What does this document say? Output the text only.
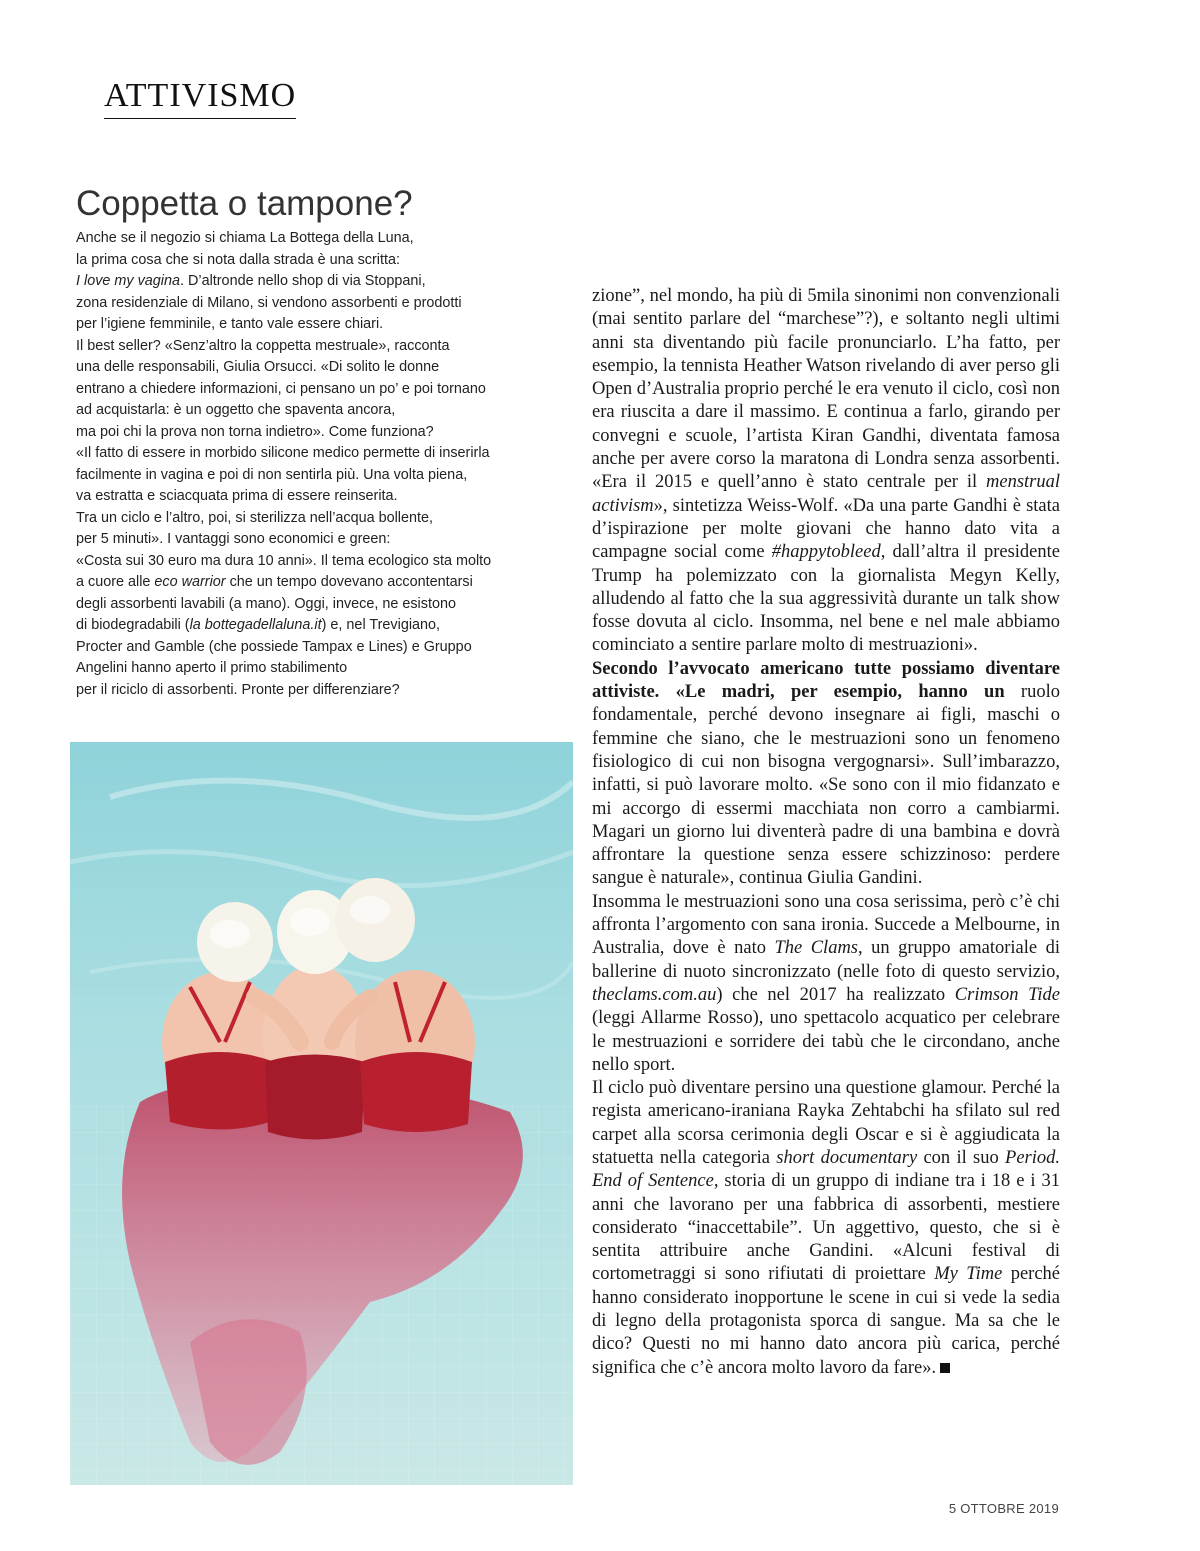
ATTIVISMO
Coppetta o tampone?

Anche se il negozio si chiama La Bottega della Luna,

la prima cosa che si nota dalla strada è una scritta:

I love my vagina. D’altronde nello shop di via Stoppani,

zona residenziale di Milano, si vendono assorbenti e prodotti

per l’igiene femminile, e tanto vale essere chiari.

Il best seller? «Senz’altro la coppetta mestruale», racconta

una delle responsabili, Giulia Orsucci. «Di solito le donne

entrano a chiedere informazioni, ci pensano un po’ e poi tornano

ad acquistarla: è un oggetto che spaventa ancora,

ma poi chi la prova non torna indietro». Come funziona?

«Il fatto di essere in morbido silicone medico permette di inserirla

facilmente in vagina e poi di non sentirla più. Una volta piena,

va estratta e sciacquata prima di essere reinserita.

Tra un ciclo e l’altro, poi, si sterilizza nell’acqua bollente,

per 5 minuti». I vantaggi sono economici e green:

«Costa sui 30 euro ma dura 10 anni». Il tema ecologico sta molto

a cuore alle eco warrior che un tempo dovevano accontentarsi

degli assorbenti lavabili (a mano). Oggi, invece, ne esistono

di biodegradabili (la bottegadellaluna.it) e, nel Trevigiano,

Procter and Gamble (che possiede Tampax e Lines) e Gruppo

Angelini hanno aperto il primo stabilimento

per il riciclo di assorbenti. Pronte per differenziare?

zione”, nel mondo, ha più di 5mila sinonimi non convenzionali (mai sentito parlare del “marchese”?), e soltanto negli ultimi anni sta diventando più facile pronunciarlo. L’ha fatto, per esempio, la tennista Heather Watson rivelando di aver perso gli Open d’Australia proprio perché le era venuto il ciclo, così non era riuscita a dare il massimo. E continua a farlo, girando per convegni e scuole, l’artista Kiran Gandhi, diventata famosa anche per avere corso la maratona di Londra senza assorbenti. «Era il 2015 e quell’anno è stato centrale per il menstrual activism», sintetizza Weiss-Wolf. «Da una parte Gandhi è stata d’ispirazione per molte giovani che hanno dato vita a campagne social come #happytobleed, dall’altra il presidente Trump ha polemizzato con la giornalista Megyn Kelly, alludendo al fatto che la sua aggressività durante un talk show fosse dovuta al ciclo. Insomma, nel bene e nel male abbiamo cominciato a sentire parlare molto di mestruazioni».

Secondo l’avvocato americano tutte possiamo diventare attiviste. «Le madri, per esempio, hanno un ruolo fondamentale, perché devono insegnare ai figli, maschi o femmine che siano, che le mestruazioni sono un fenomeno fisiologico di cui non bisogna vergognarsi». Sull’imbarazzo, infatti, si può lavorare molto. «Se sono con il mio fidanzato e mi accorgo di essermi macchiata non corro a cambiarmi. Magari un giorno lui diventerà padre di una bambina e dovrà affrontare la questione senza essere schizzinoso: perdere sangue è naturale», continua Giulia Gandini.

Insomma le mestruazioni sono una cosa serissima, però c’è chi affronta l’argomento con sana ironia. Succede a Melbourne, in Australia, dove è nato The Clams, un gruppo amatoriale di ballerine di nuoto sincronizzato (nelle foto di questo servizio, theclams.com.au) che nel 2017 ha realizzato Crimson Tide (leggi Allarme Rosso), uno spettacolo acquatico per celebrare le mestruazioni e sorridere dei tabù che le circondano, anche nello sport.

Il ciclo può diventare persino una questione glamour. Perché la regista americano-iraniana Rayka Zehtabchi ha sfilato sul red carpet alla scorsa cerimonia degli Oscar e si è aggiudicata la statuetta nella categoria short documentary con il suo Period. End of Sentence, storia di un gruppo di indiane tra i 18 e i 31 anni che lavorano per una fabbrica di assorbenti, mestiere considerato “inaccettabile”. Un aggettivo, questo, che si è sentita attribuire anche Gandini. «Alcuni festival di cortometraggi si sono rifiutati di proiettare My Time perché hanno considerato inopportune le scene in cui si vede la sedia di legno della protagonista sporca di sangue. Ma sa che le dico? Questi no mi hanno dato ancora più carica, perché significa che c’è ancora molto lavoro da fare».

5 OTTOBRE 2019
